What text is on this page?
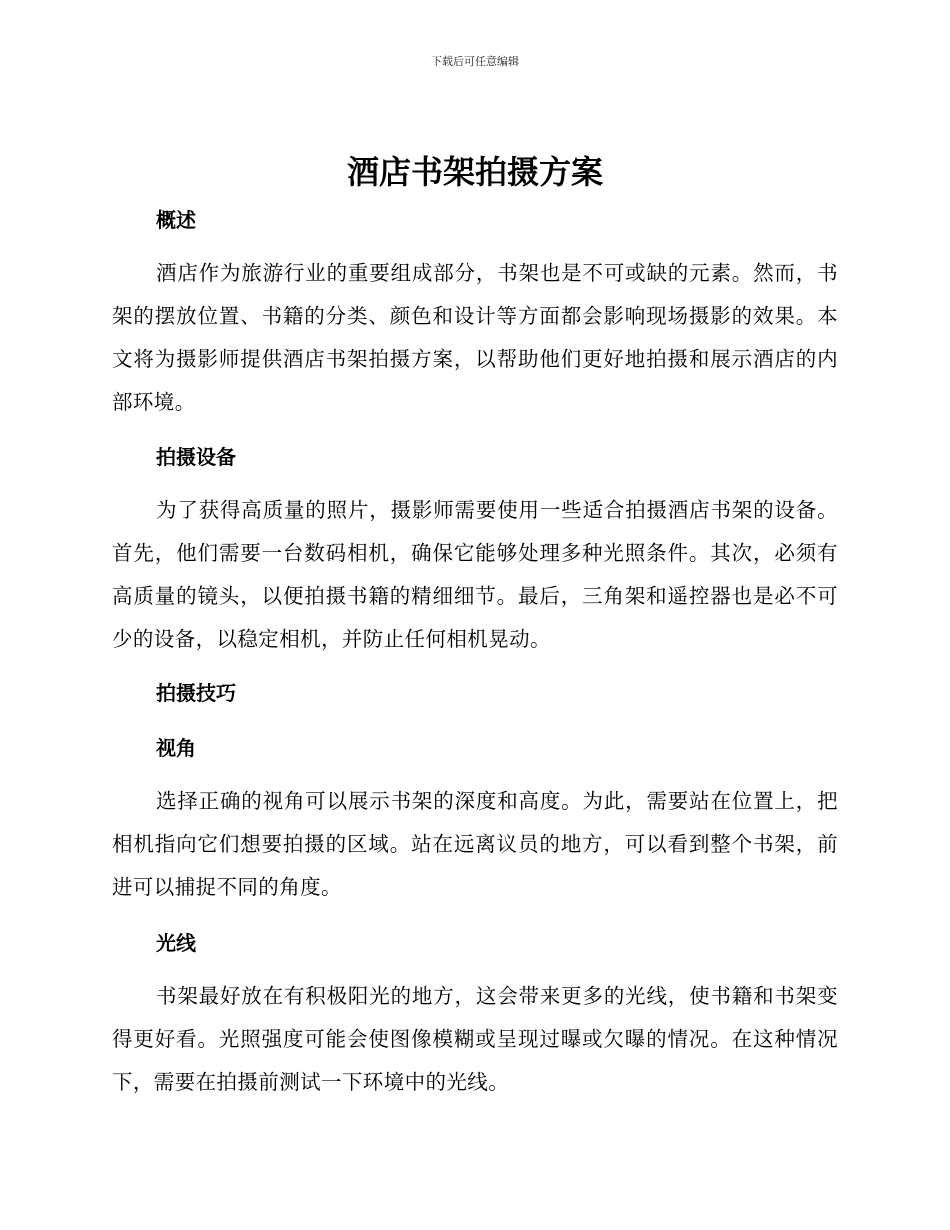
下载后可任意编辑
酒店书架拍摄方案
概述

酒店作为旅游行业的重要组成部分，书架也是不可或缺的元素。然而，书架的摆放位置、书籍的分类、颜色和设计等方面都会影响现场摄影的效果。本文将为摄影师提供酒店书架拍摄方案，以帮助他们更好地拍摄和展示酒店的内部环境。

拍摄设备

为了获得高质量的照片，摄影师需要使用一些适合拍摄酒店书架的设备。首先，他们需要一台数码相机，确保它能够处理多种光照条件。其次，必须有高质量的镜头，以便拍摄书籍的精细细节。最后，三角架和遥控器也是必不可少的设备，以稳定相机，并防止任何相机晃动。

拍摄技巧
视角

选择正确的视角可以展示书架的深度和高度。为此，需要站在位置上，把相机指向它们想要拍摄的区域。站在远离议员的地方，可以看到整个书架，前进可以捕捉不同的角度。

光线

书架最好放在有积极阳光的地方，这会带来更多的光线，使书籍和书架变得更好看。光照强度可能会使图像模糊或呈现过曝或欠曝的情况。在这种情况下，需要在拍摄前测试一下环境中的光线。
